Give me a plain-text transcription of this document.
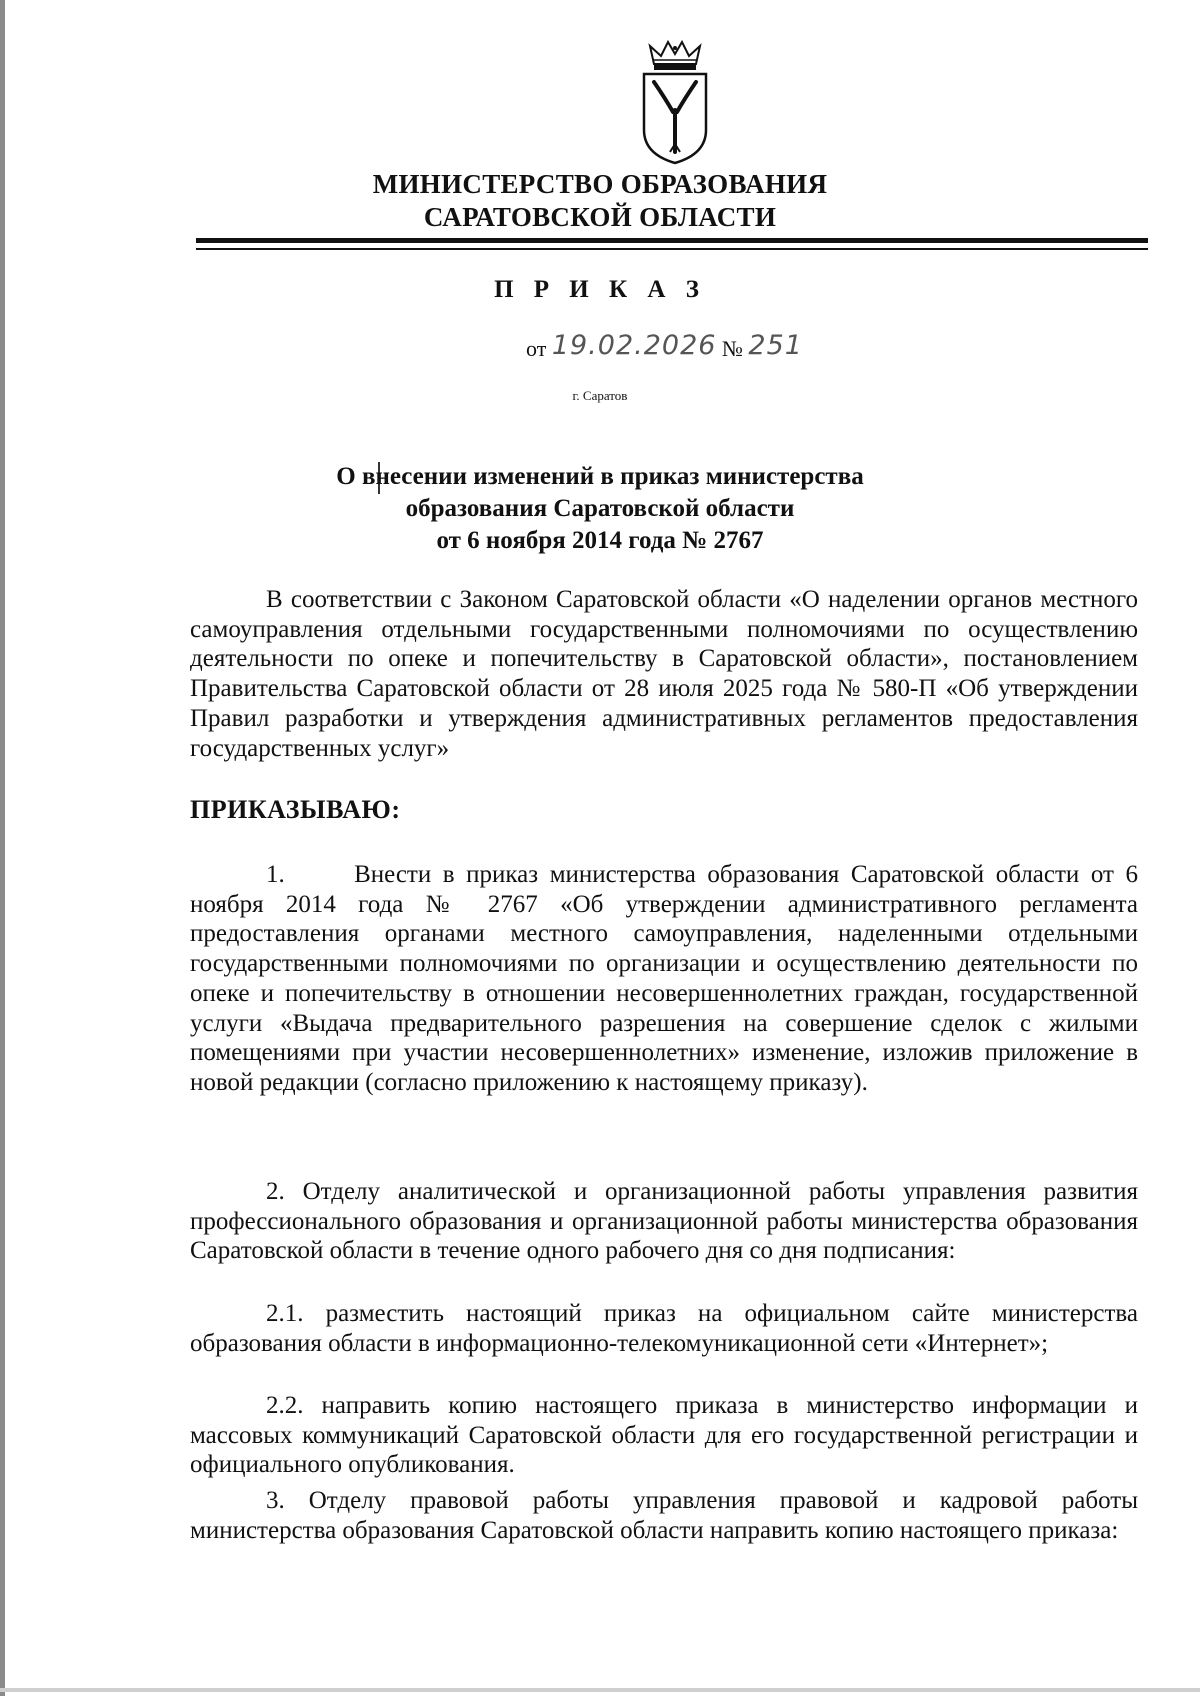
МИНИСТЕРСТВО ОБРАЗОВАНИЯ
САРАТОВСКОЙ ОБЛАСТИ
П Р И К А З
от 19.02.2026 № 251
г. Саратов
О внесении изменений в приказ министерства
образования Саратовской области
от 6 ноября 2014 года № 2767
В соответствии с Законом Саратовской области «О наделении органов местного самоуправления отдельными государственными полномочиями по осуществлению деятельности по опеке и попечительству в Саратовской области», постановлением Правительства Саратовской области от 28 июля 2025 года № 580-П «Об утверждении Правил разработки и утверждения административных регламентов предоставления государственных услуг»
ПРИКАЗЫВАЮ:
1.      Внести в приказ министерства образования Саратовской области от 6 ноября 2014 года № 2767 «Об утверждении административного регламента предоставления органами местного самоуправления, наделенными отдельными государственными полномочиями по организации и осуществлению деятельности по опеке и попечительству в отношении несовершеннолетних граждан, государственной услуги «Выдача предварительного разрешения на совершение сделок с жилыми помещениями при участии несовершеннолетних» изменение, изложив приложение в новой редакции (согласно приложению к настоящему приказу).
2. Отделу аналитической и организационной работы управления развития профессионального образования и организационной работы министерства образования Саратовской области в течение одного рабочего дня со дня подписания:
2.1. разместить настоящий приказ на официальном сайте министерства образования области в информационно-телекомуникационной сети «Интернет»;
2.2. направить копию настоящего приказа в министерство информации и массовых коммуникаций Саратовской области для его государственной регистрации и официального опубликования.
3. Отделу правовой работы управления правовой и кадровой работы министерства образования Саратовской области направить копию настоящего приказа:
